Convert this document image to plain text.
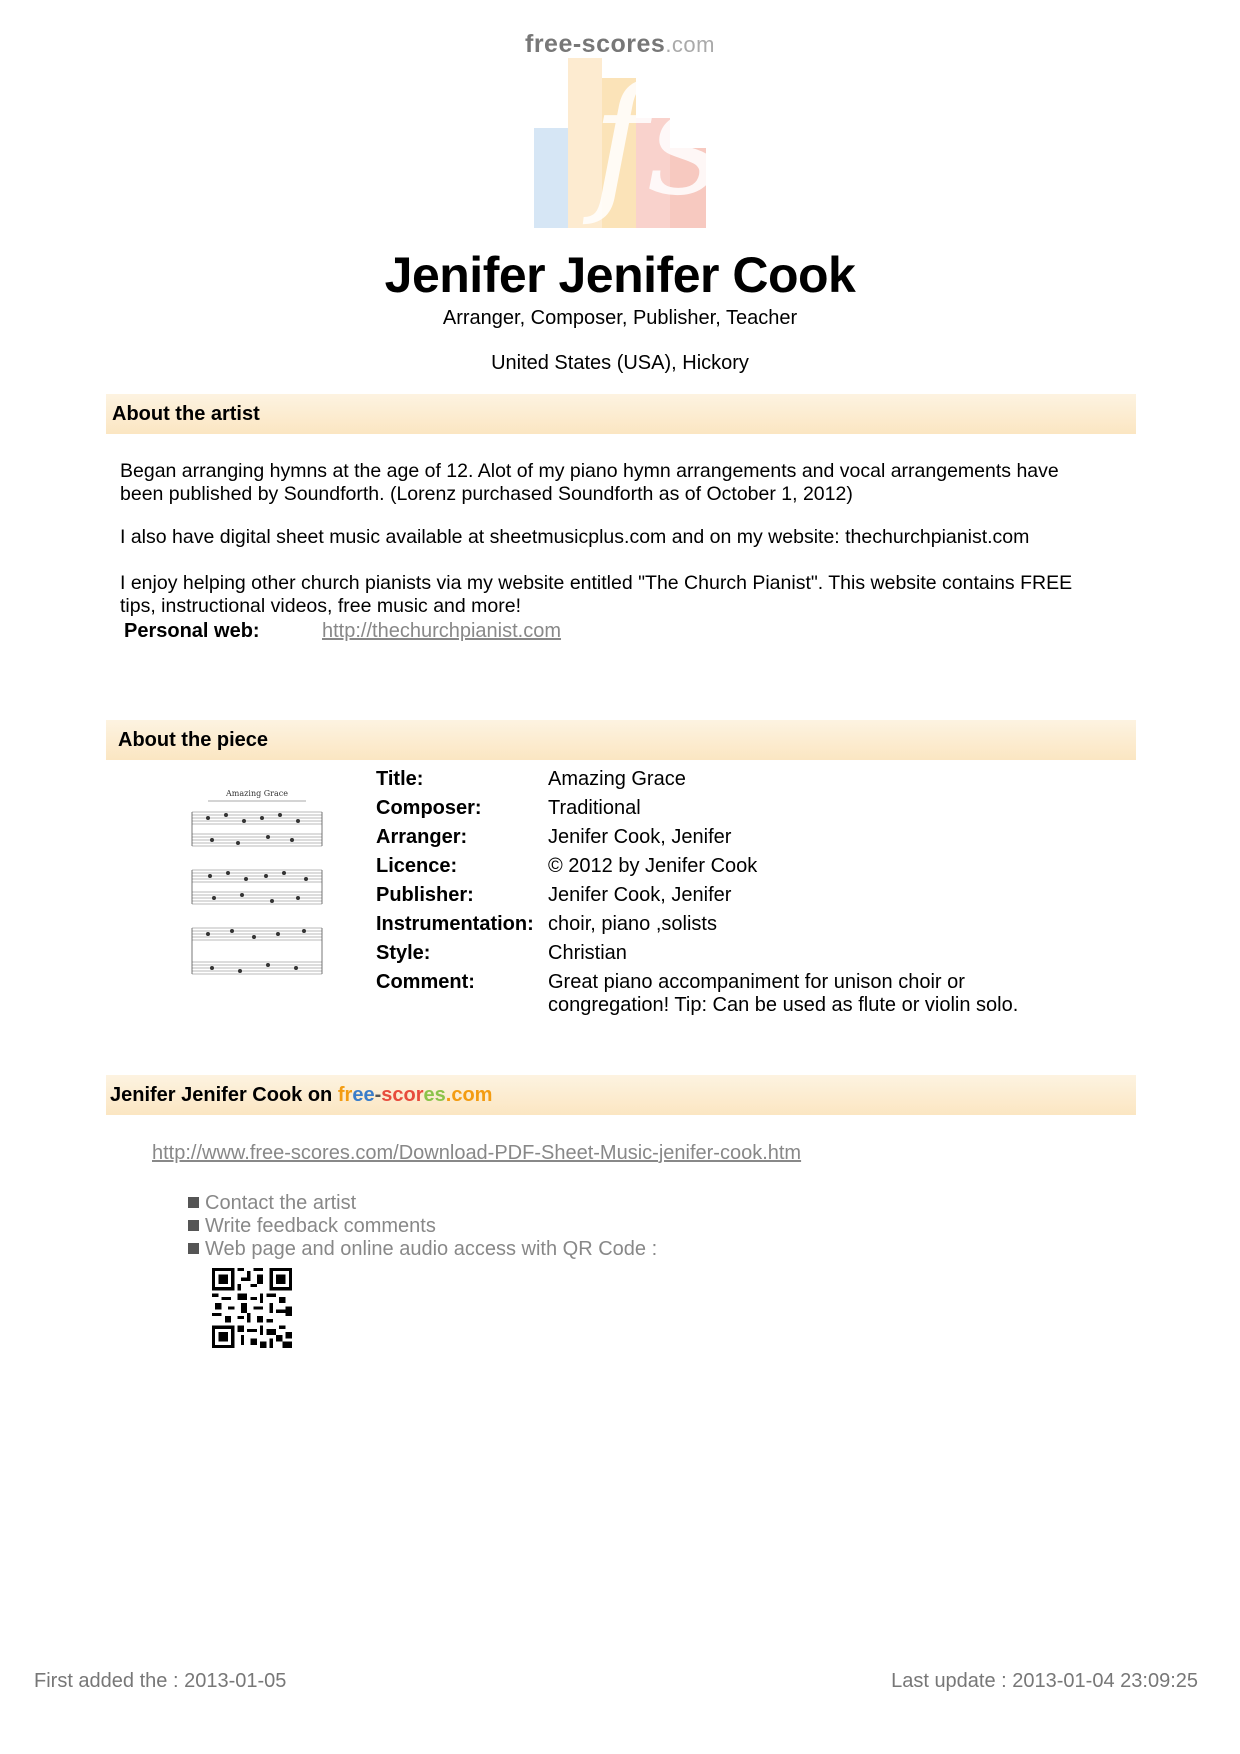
free-scores.com
fs
Jenifer Jenifer Cook
Arranger, Composer, Publisher, Teacher
United States (USA), Hickory
About the artist

Began arranging hymns at the age of 12. Alot of my piano hymn arrangements and vocal arrangements have been published by Soundforth. (Lorenz purchased Soundforth as of October 1, 2012)

I also have digital sheet music available at sheetmusicplus.com and on my website: thechurchpianist.com

I enjoy helping other church pianists via my website entitled "The Church Pianist". This website contains FREE tips, instructional videos, free music and more!

Personal web:	http://thechurchpianist.com
About the piece
Amazing Grace
Title:	Amazing Grace
Composer:	Traditional
Arranger:	Jenifer Cook, Jenifer
Licence:	© 2012 by Jenifer Cook
Publisher:	Jenifer Cook, Jenifer
Instrumentation: choir, piano ,solists
Style:	Christian
Comment:	Great piano accompaniment for unison choir or congregation! Tip: Can be used as flute or violin solo.
Jenifer Jenifer Cook on free-scores.com
http://www.free-scores.com/Download-PDF-Sheet-Music-jenifer-cook.htm
Contact the artist
Write feedback comments
Web page and online audio access with QR Code :
First added the : 2013-01-05	Last update : 2013-01-04 23:09:25
